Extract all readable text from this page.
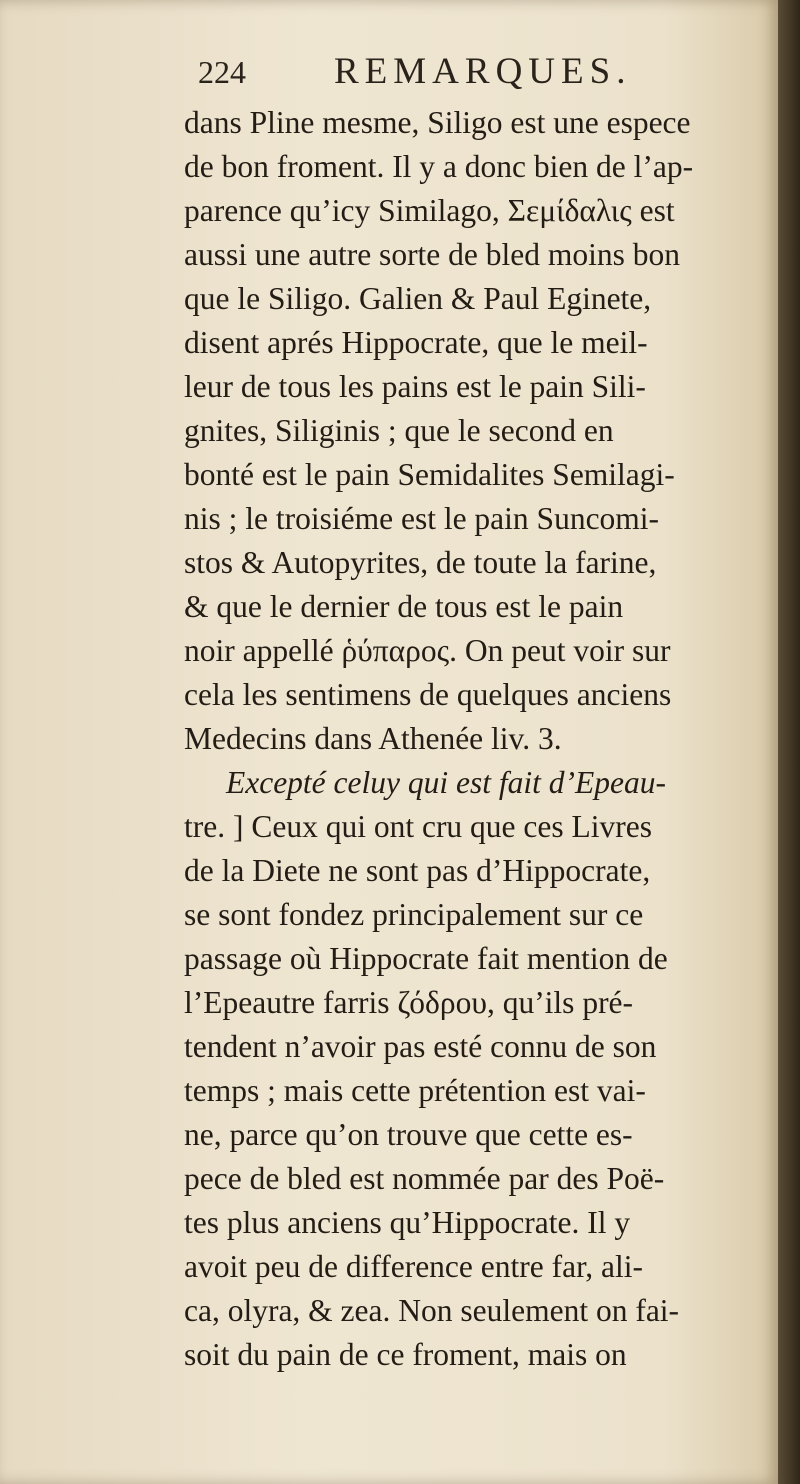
224 REMARQUES.
dans Pline mesme, Siligo est une espece
de bon froment. Il y a donc bien de l’ap-
parence qu’icy Similago, Σεμίδαλις est
aussi une autre sorte de bled moins bon
que le Siligo. Galien & Paul Eginete,
disent aprés Hippocrate, que le meil-
leur de tous les pains est le pain Sili-
gnites, Siliginis ; que le second en
bonté est le pain Semidalites Semilagi-
nis ; le troisiéme est le pain Suncomi-
stos & Autopyrites, de toute la farine,
& que le dernier de tous est le pain
noir appellé ῥύπαρος. On peut voir sur
cela les sentimens de quelques anciens
Medecins dans Athenée liv. 3.
Excepté celuy qui est fait d’Epeau-
tre. ] Ceux qui ont cru que ces Livres
de la Diete ne sont pas d’Hippocrate,
se sont fondez principalement sur ce
passage où Hippocrate fait mention de
l’Epeautre farris ζόδρου, qu’ils pré-
tendent n’avoir pas esté connu de son
temps ; mais cette prétention est vai-
ne, parce qu’on trouve que cette es-
pece de bled est nommée par des Poë-
tes plus anciens qu’Hippocrate. Il y
avoit peu de difference entre far, ali-
ca, olyra, & zea. Non seulement on fai-
soit du pain de ce froment, mais on
